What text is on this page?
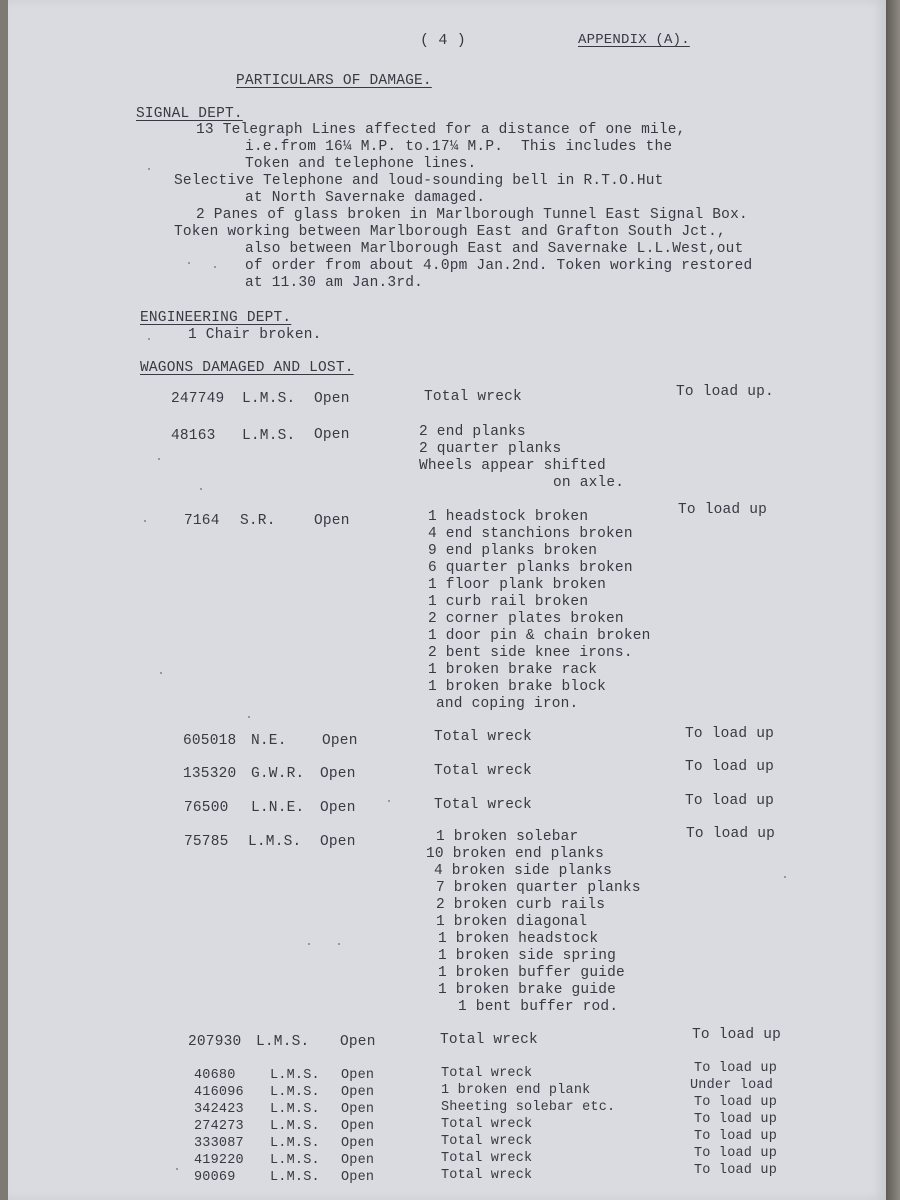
( 4 )	APPENDIX (A).
PARTICULARS OF DAMAGE.
SIGNAL DEPT.
13 Telegraph Lines affected for a distance of one mile,
i.e.from 16¼ M.P. to.17¼ M.P.  This includes the
Token and telephone lines.
Selective Telephone and loud-sounding bell in R.T.O.Hut
at North Savernake damaged.
2 Panes of glass broken in Marlborough Tunnel East Signal Box.
Token working between Marlborough East and Grafton South Jct.,
also between Marlborough East and Savernake L.L.West,out
of order from about 4.0pm Jan.2nd. Token working restored
at 11.30 am Jan.3rd.
ENGINEERING DEPT.
1 Chair broken.
WAGONS DAMAGED AND LOST.
247749 L.M.S. Open	Total wreck	To load up.
48163 L.M.S. Open	2 end planks
2 quarter planks
Wheels appear shifted
on axle.
7164 S.R.	Open	1 headstock broken
4 end stanchions broken
9 end planks broken
6 quarter planks broken
1 floor plank broken
1 curb rail broken
2 corner plates broken
1 door pin & chain broken
2 bent side knee irons.
1 broken brake rack
1 broken brake block
and coping iron.
To load up
605018 N.E. Open	Total wreck	To load up
135320 G.W.R. Open	Total wreck	To load up
76500 L.N.E. Open	Total wreck	To load up
75785 L.M.S. Open	1 broken solebar
10 broken end planks
4 broken side planks
7 broken quarter planks
2 broken curb rails
1 broken diagonal
1 broken headstock
1 broken side spring
1 broken buffer guide
1 broken brake guide
1 bent buffer rod.
To load up
207930 L.M.S. Open	Total wreck	To load up
40680	L.M.S. Open	Total wreck	To load up
416096 L.M.S. Open	1 broken end plank	Under load
342423 L.M.S. Open	Sheeting solebar etc.	To load up
274273 L.M.S. Open	Total wreck	To load up
333087 L.M.S. Open	Total wreck	To load up
419220 L.M.S. Open	Total wreck	To load up
90069	L.M.S. Open	Total wreck	To load up
